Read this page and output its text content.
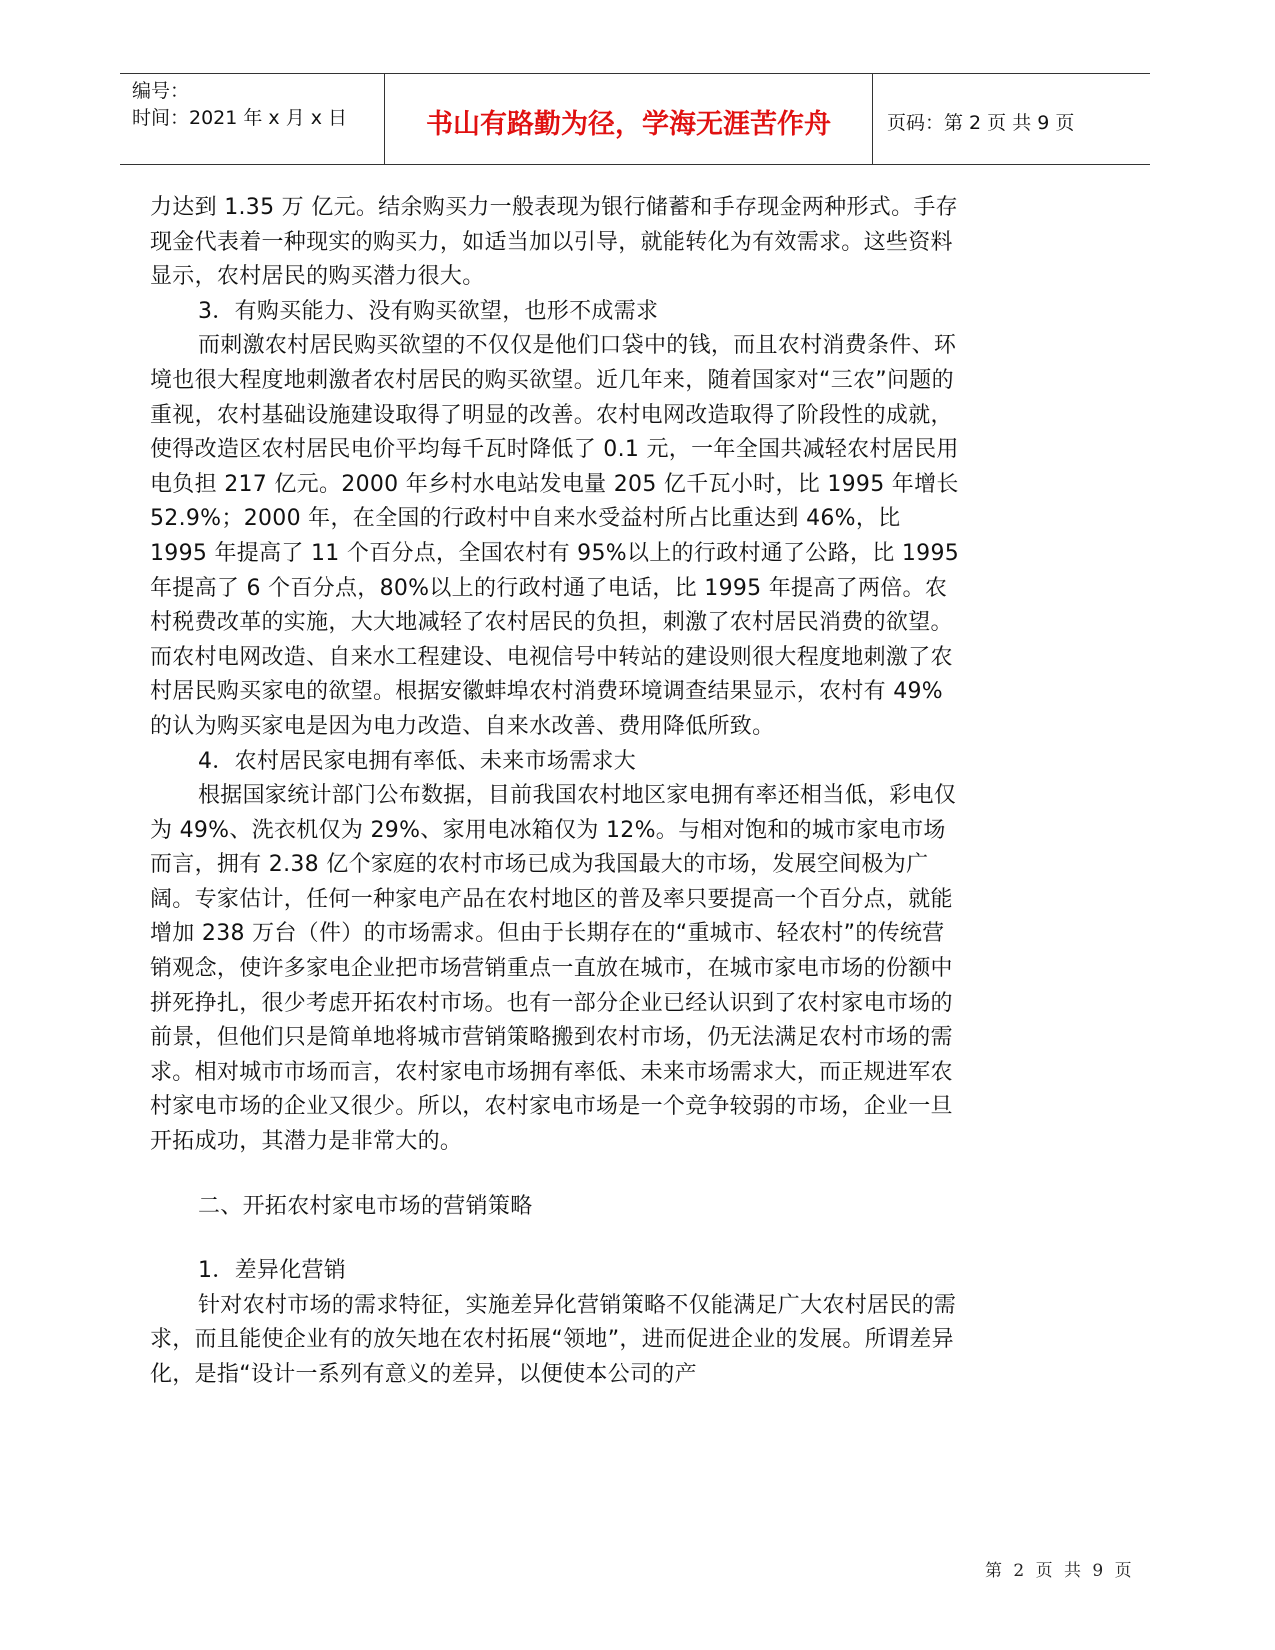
编号：
时间：2021 年 x 月 x 日	书山有路勤为径，学海无涯苦作舟	页码：第 2 页 共 9 页

力达到 1.35 万 亿元。结余购买力一般表现为银行储蓄和手存现金两种形式。手存现金代表着一种现实的购买力，如适当加以引导，就能转化为有效需求。这些资料显示，农村居民的购买潜力很大。

3．有购买能力、没有购买欲望，也形不成需求

而刺激农村居民购买欲望的不仅仅是他们口袋中的钱，而且农村消费条件、环境也很大程度地刺激者农村居民的购买欲望。近几年来，随着国家对“三农”问题的重视，农村基础设施建设取得了明显的改善。农村电网改造取得了阶段性的成就，使得改造区农村居民电价平均每千瓦时降低了 0.1 元，一年全国共减轻农村居民用电负担 217 亿元。2000 年乡村水电站发电量 205 亿千瓦小时，比 1995 年增长 52.9%；2000 年，在全国的行政村中自来水受益村所占比重达到 46%，比 1995 年提高了 11 个百分点，全国农村有 95%以上的行政村通了公路，比 1995 年提高了 6 个百分点，80%以上的行政村通了电话，比 1995 年提高了两倍。农村税费改革的实施，大大地减轻了农村居民的负担，刺激了农村居民消费的欲望。而农村电网改造、自来水工程建设、电视信号中转站的建设则很大程度地刺激了农村居民购买家电的欲望。根据安徽蚌埠农村消费环境调查结果显示，农村有 49%的认为购买家电是因为电力改造、自来水改善、费用降低所致。

4．农村居民家电拥有率低、未来市场需求大

根据国家统计部门公布数据，目前我国农村地区家电拥有率还相当低，彩电仅为 49%、洗衣机仅为 29%、家用电冰箱仅为 12%。与相对饱和的城市家电市场而言，拥有 2.38 亿个家庭的农村市场已成为我国最大的市场，发展空间极为广阔。专家估计，任何一种家电产品在农村地区的普及率只要提高一个百分点，就能增加 238 万台（件）的市场需求。但由于长期存在的“重城市、轻农村”的传统营销观念，使许多家电企业把市场营销重点一直放在城市，在城市家电市场的份额中拼死挣扎，很少考虑开拓农村市场。也有一部分企业已经认识到了农村家电市场的前景，但他们只是简单地将城市营销策略搬到农村市场，仍无法满足农村市场的需求。相对城市市场而言，农村家电市场拥有率低、未来市场需求大，而正规进军农村家电市场的企业又很少。所以，农村家电市场是一个竞争较弱的市场，企业一旦开拓成功，其潜力是非常大的。

二、开拓农村家电市场的营销策略

1．差异化营销

针对农村市场的需求特征，实施差异化营销策略不仅能满足广大农村居民的需求，而且能使企业有的放矢地在农村拓展“领地”，进而促进企业的发展。所谓差异化，是指“设计一系列有意义的差异，以便使本公司的产

第 2 页 共 9 页
